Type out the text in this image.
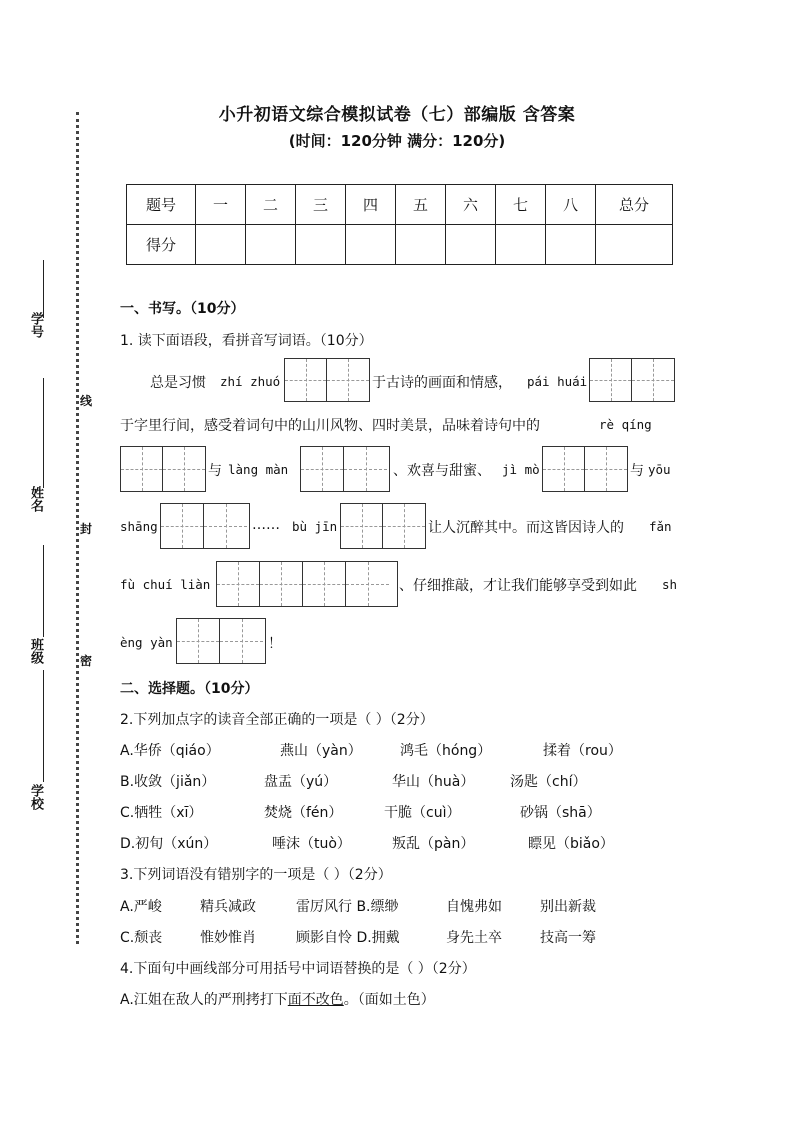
学号
姓名
班级
学校
线
封
密
小升初语文综合模拟试卷（七）部编版 含答案
(时间：120分钟 满分：120分)
题号	一	二	三	四	五	六	七	八	总分
得分									
一、书写。（10分）
1. 读下面语段，看拼音写词语。（10分）
总是习惯 zhí zhuó	于古诗的画面和情感， pái huái
于字里行间，感受着词句中的山川风物、四时美景，品味着诗句中的	rè qíng
与 làng màn	、欢喜与甜蜜、 jì mò	与 yōu
shāng	…… bù jīn	让人沉醉其中。而这皆因诗人的 fǎn
fù chuí liàn	、仔细推敲，才让我们能够享受到如此 sh
èng yàn	！
二、选择题。（10分）
2.下列加点字的读音全部正确的一项是（ ）（2分）
A.华侨（qiáo）	燕山（yàn）	鸿毛（hóng）	揉着（rou）
B.收敛（jiǎn）	盘盂（yú）	华山（huà）	汤匙（chí）
C.牺牲（xī）	焚烧（fén）	干脆（cuì）	砂锅（shā）
D.初旬（xún）	唾沫（tuò）	叛乱（pàn）	瞟见（biǎo）
3.下列词语没有错别字的一项是（ ）（2分）
A.严峻	精兵减政	雷厉风行 B.缥缈	自愧弗如	别出新裁
C.颓丧	惟妙惟肖	顾影自怜 D.拥戴	身先土卒	技高一筹
4.下面句中画线部分可用括号中词语替换的是（ ）（2分）
A.江姐在敌人的严刑拷打下面不改色。（面如土色）
